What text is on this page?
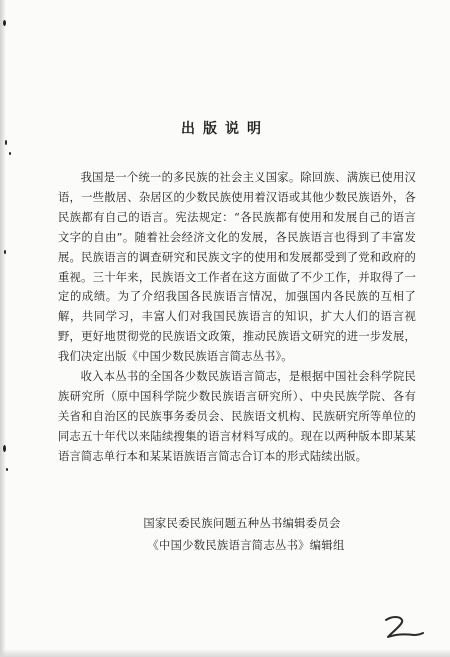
出版说明

我国是一个统一的多民族的社会主义国家。除回族、满族已使用汉语，一些散居、杂居区的少数民族使用着汉语或其他少数民族语外，各民族都有自己的语言。宪法规定：“各民族都有使用和发展自己的语言文字的自由”。随着社会经济文化的发展，各民族语言也得到了丰富发展。民族语言的调查研究和民族文字的使用和发展都受到了党和政府的重视。三十年来，民族语文工作者在这方面做了不少工作，并取得了一定的成绩。为了介绍我国各民族语言情况，加强国内各民族的互相了解，共同学习，丰富人们对我国民族语言的知识，扩大人们的语言视野，更好地贯彻党的民族语文政策，推动民族语文研究的进一步发展，我们决定出版《中国少数民族语言简志丛书》。

收入本丛书的全国各少数民族语言简志，是根据中国社会科学院民族研究所（原中国科学院少数民族语言研究所）、中央民族学院、各有关省和自治区的民族事务委员会、民族语文机构、民族研究所等单位的同志五十年代以来陆续搜集的语言材料写成的。现在以两种版本即某某语言简志单行本和某某语族语言简志合订本的形式陆续出版。

国家民委民族问题五种丛书编辑委员会

《中国少数民族语言简志丛书》编辑组
